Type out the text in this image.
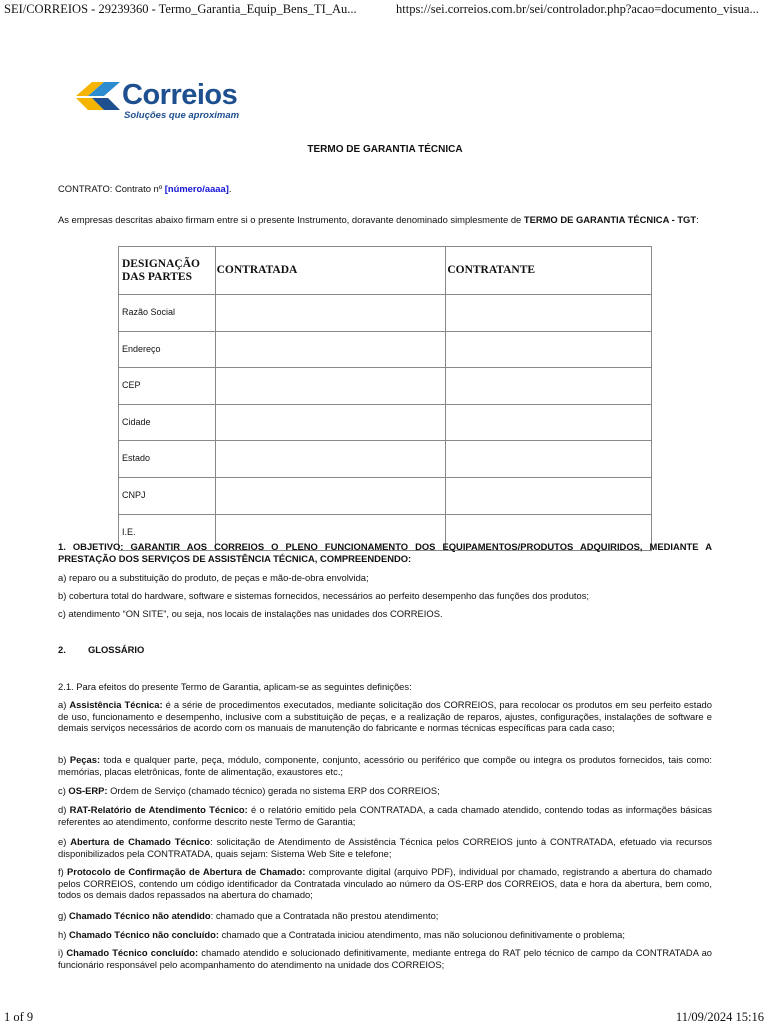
SEI/CORREIOS - 29239360 - Termo_Garantia_Equip_Bens_TI_Au...	https://sei.correios.com.br/sei/controlador.php?acao=documento_visua...
Correios
Soluções que aproximam
TERMO DE GARANTIA TÉCNICA
CONTRATO: Contrato nº [número/aaaa].
As empresas descritas abaixo firmam entre si o presente Instrumento, doravante denominado simplesmente de TERMO DE GARANTIA TÉCNICA - TGT:
DESIGNAÇÃO DAS PARTES	CONTRATADA	CONTRATANTE
Razão Social		
Endereço		
CEP		
Cidade		
Estado		
CNPJ		
I.E.		
1. OBJETIVO: GARANTIR AOS CORREIOS O PLENO FUNCIONAMENTO DOS EQUIPAMENTOS/PRODUTOS ADQUIRIDOS, MEDIANTE A PRESTAÇÃO DOS SERVIÇOS DE ASSISTÊNCIA TÉCNICA, COMPREENDENDO:
a) reparo ou a substituição do produto, de peças e mão-de-obra envolvida;
b) cobertura total do hardware, software e sistemas fornecidos, necessários ao perfeito desempenho das funções dos produtos;
c) atendimento “ON SITE”, ou seja, nos locais de instalações nas unidades dos CORREIOS.
2. GLOSSÁRIO
2.1. Para efeitos do presente Termo de Garantia, aplicam-se as seguintes definições:
a) Assistência Técnica: é a série de procedimentos executados, mediante solicitação dos CORREIOS, para recolocar os produtos em seu perfeito estado de uso, funcionamento e desempenho, inclusive com a substituição de peças, e a realização de reparos, ajustes, configurações, instalações de software e demais serviços necessários de acordo com os manuais de manutenção do fabricante e normas técnicas específicas para cada caso;
b) Peças: toda e qualquer parte, peça, módulo, componente, conjunto, acessório ou periférico que compõe ou integra os produtos fornecidos, tais como: memórias, placas eletrônicas, fonte de alimentação, exaustores etc.;
c) OS-ERP: Ordem de Serviço (chamado técnico) gerada no sistema ERP dos CORREIOS;
d) RAT-Relatório de Atendimento Técnico: é o relatório emitido pela CONTRATADA, a cada chamado atendido, contendo todas as informações básicas referentes ao atendimento, conforme descrito neste Termo de Garantia;
e) Abertura de Chamado Técnico: solicitação de Atendimento de Assistência Técnica pelos CORREIOS junto à CONTRATADA, efetuado via recursos disponibilizados pela CONTRATADA, quais sejam: Sistema Web Site e telefone;
f) Protocolo de Confirmação de Abertura de Chamado: comprovante digital (arquivo PDF), individual por chamado, registrando a abertura do chamado pelos CORREIOS, contendo um código identificador da Contratada vinculado ao número da OS-ERP dos CORREIOS, data e hora da abertura, bem como, todos os demais dados repassados na abertura do chamado;
g) Chamado Técnico não atendido: chamado que a Contratada não prestou atendimento;
h) Chamado Técnico não concluído: chamado que a Contratada iniciou atendimento, mas não solucionou definitivamente o problema;
i) Chamado Técnico concluído: chamado atendido e solucionado definitivamente, mediante entrega do RAT pelo técnico de campo da CONTRATADA ao funcionário responsável pelo acompanhamento do atendimento na unidade dos CORREIOS;
1 of 9	11/09/2024 15:16
